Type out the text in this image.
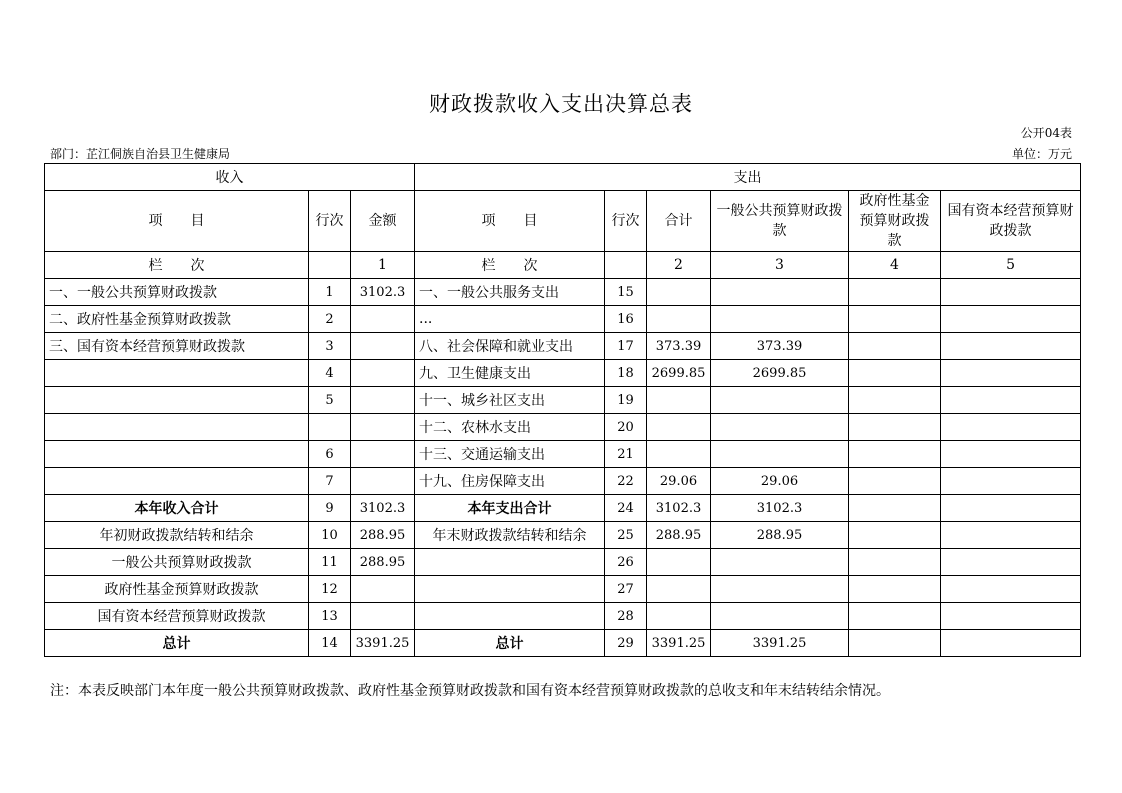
财政拨款收入支出决算总表
公开04表
部门：芷江侗族自治县卫生健康局	单位：万元
收入			支出					
项　　目	行次	金额	项　　目	行次	合计	一般公共预算财政拨款	政府性基金预算财政拨款	国有资本经营预算财政拨款
栏　　次		1	栏　　次		2	3	4	5
一、一般公共预算财政拨款	1	3102.3	一、一般公共服务支出	15				
二、政府性基金预算财政拨款	2		...	16				
三、国有资本经营预算财政拨款	3		八、社会保障和就业支出	17	373.39	373.39		
	4		九、卫生健康支出	18	2699.85	2699.85		
	5		十一、城乡社区支出	19				
			十二、农林水支出	20				
	6		十三、交通运输支出	21				
	7		十九、住房保障支出	22	29.06	29.06		
本年收入合计	9	3102.3	本年支出合计	24	3102.3	3102.3		
年初财政拨款结转和结余	10	288.95	年末财政拨款结转和结余	25	288.95	288.95		
一般公共预算财政拨款	11	288.95		26				
政府性基金预算财政拨款	12			27				
国有资本经营预算财政拨款	13			28				
总计	14	3391.25	总计	29	3391.25	3391.25		
注：本表反映部门本年度一般公共预算财政拨款、政府性基金预算财政拨款和国有资本经营预算财政拨款的总收支和年末结转结余情况。
